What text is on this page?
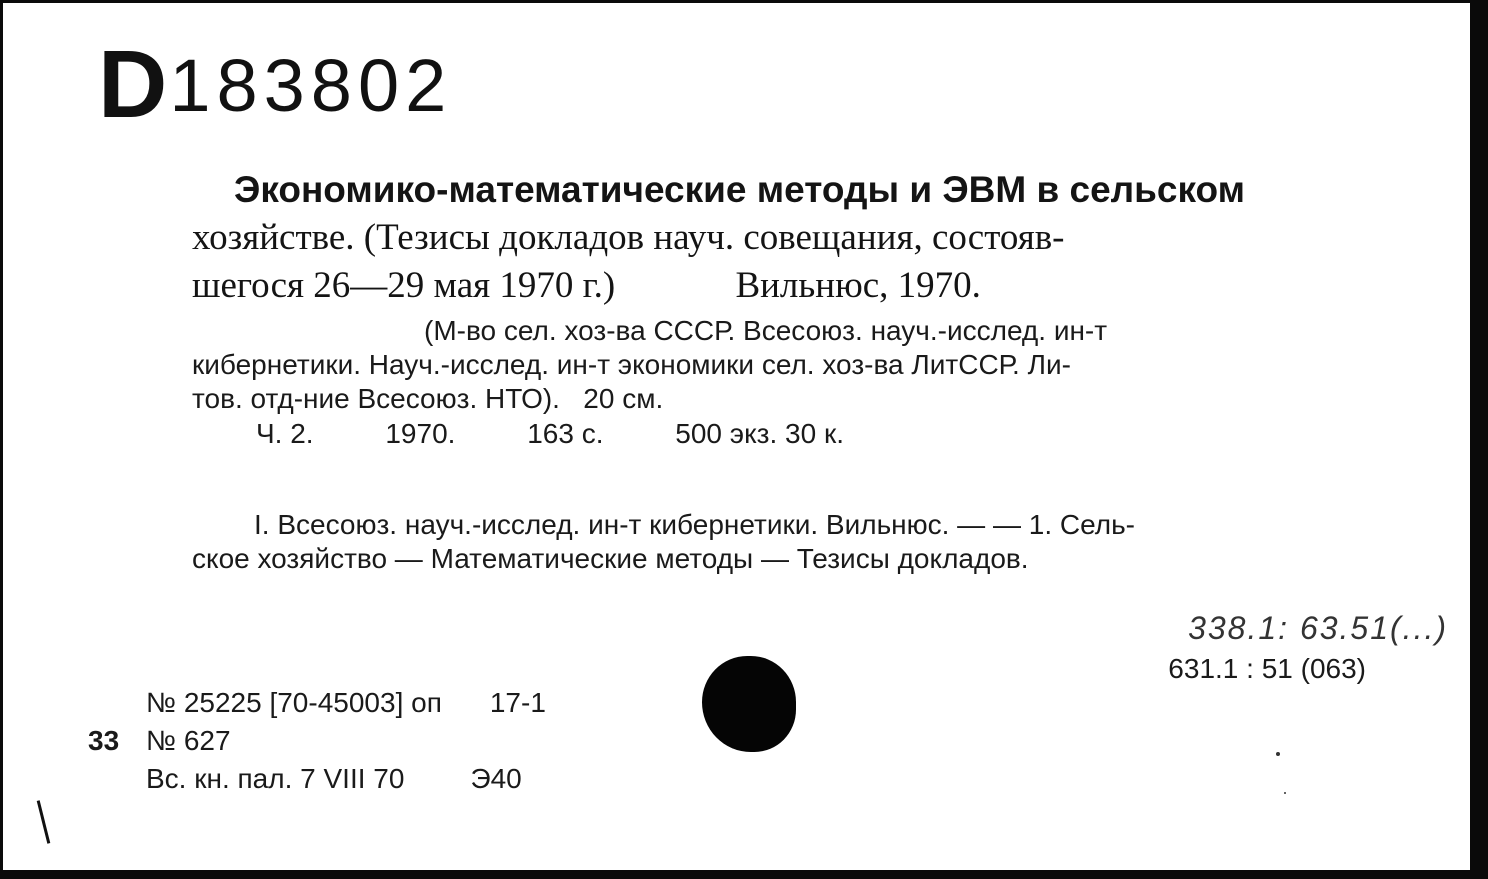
D183802
Экономико-математические методы и ЭВМ в сельском
хозяйстве. (Тезисы докладов науч. совещания, состояв-
шегося 26—29 мая 1970 г.)             Вильнюс, 1970.
(М-во сел. хоз-ва СССР. Всесоюз. науч.-исслед. ин-т
кибернетики. Науч.-исслед. ин-т экономики сел. хоз-ва ЛитССР. Ли-
тов. отд-ние Всесоюз. НТО).   20 см.
Ч. 2.	1970.	163 с.	500 экз. 30 к.
I. Всесоюз. науч.-исслед. ин-т кибернетики. Вильнюс. — — 1. Сель-
ское хозяйство — Математические методы — Тезисы докладов.
338.1: 63.51(...)
631.1 : 51 (063)
№ 25225 [70-45003] оп 17-1
33 № 627
Вс. кн. пал. 7 VIII 70 Э40
